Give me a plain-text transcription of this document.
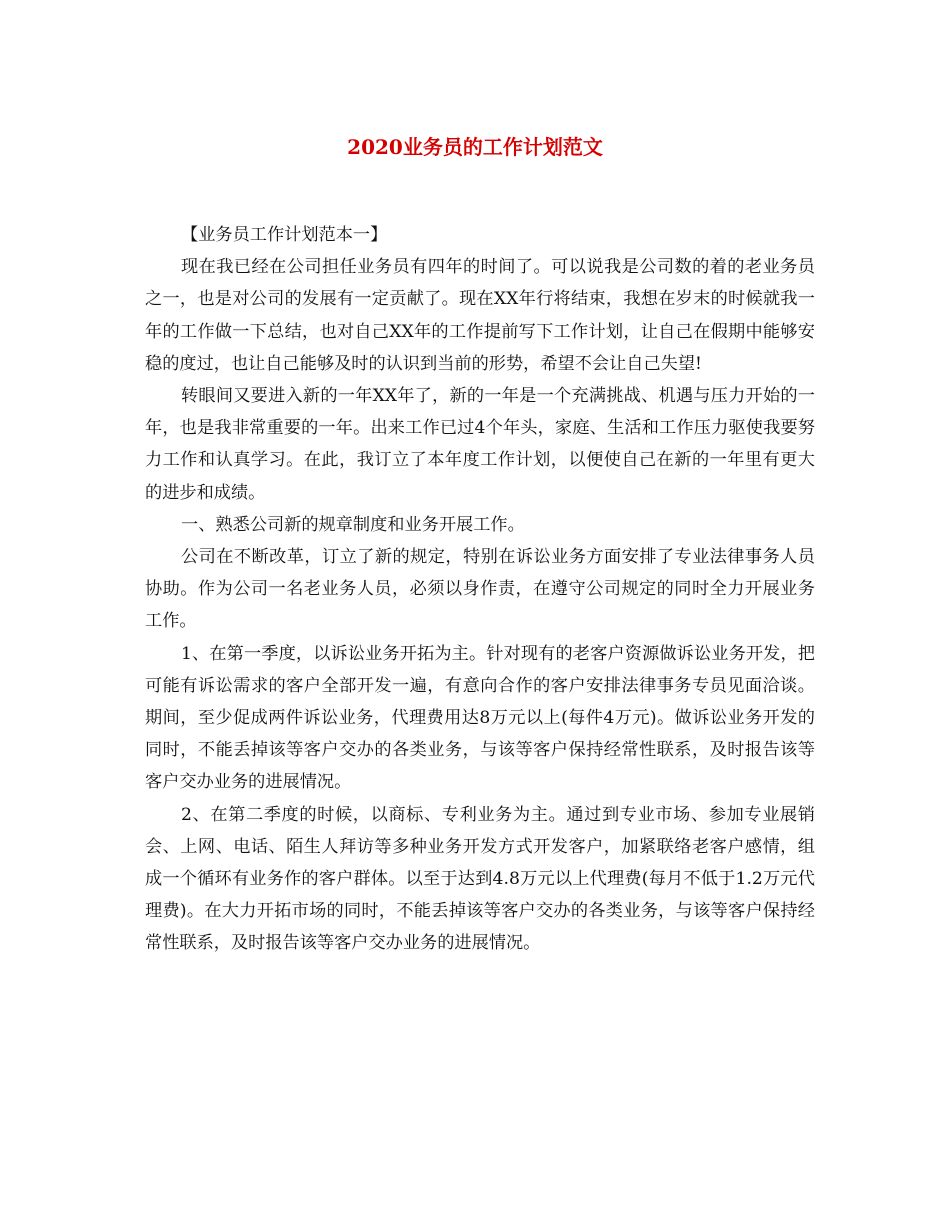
2020业务员的工作计划范文

【业务员工作计划范本一】

现在我已经在公司担任业务员有四年的时间了。可以说我是公司数的着的老业务员之一，也是对公司的发展有一定贡献了。现在XX年行将结束，我想在岁末的时候就我一年的工作做一下总结，也对自己XX年的工作提前写下工作计划，让自己在假期中能够安稳的度过，也让自己能够及时的认识到当前的形势，希望不会让自己失望!

转眼间又要进入新的一年XX年了，新的一年是一个充满挑战、机遇与压力开始的一年，也是我非常重要的一年。出来工作已过4个年头，家庭、生活和工作压力驱使我要努力工作和认真学习。在此，我订立了本年度工作计划，以便使自己在新的一年里有更大的进步和成绩。

一、熟悉公司新的规章制度和业务开展工作。

公司在不断改革，订立了新的规定，特别在诉讼业务方面安排了专业法律事务人员协助。作为公司一名老业务人员，必须以身作责，在遵守公司规定的同时全力开展业务工作。

1、在第一季度，以诉讼业务开拓为主。针对现有的老客户资源做诉讼业务开发，把可能有诉讼需求的客户全部开发一遍，有意向合作的客户安排法律事务专员见面洽谈。期间，至少促成两件诉讼业务，代理费用达8万元以上(每件4万元)。做诉讼业务开发的同时，不能丢掉该等客户交办的各类业务，与该等客户保持经常性联系，及时报告该等客户交办业务的进展情况。

2、在第二季度的时候，以商标、专利业务为主。通过到专业市场、参加专业展销会、上网、电话、陌生人拜访等多种业务开发方式开发客户，加紧联络老客户感情，组成一个循环有业务作的客户群体。以至于达到4.8万元以上代理费(每月不低于1.2万元代理费)。在大力开拓市场的同时，不能丢掉该等客户交办的各类业务，与该等客户保持经常性联系，及时报告该等客户交办业务的进展情况。
